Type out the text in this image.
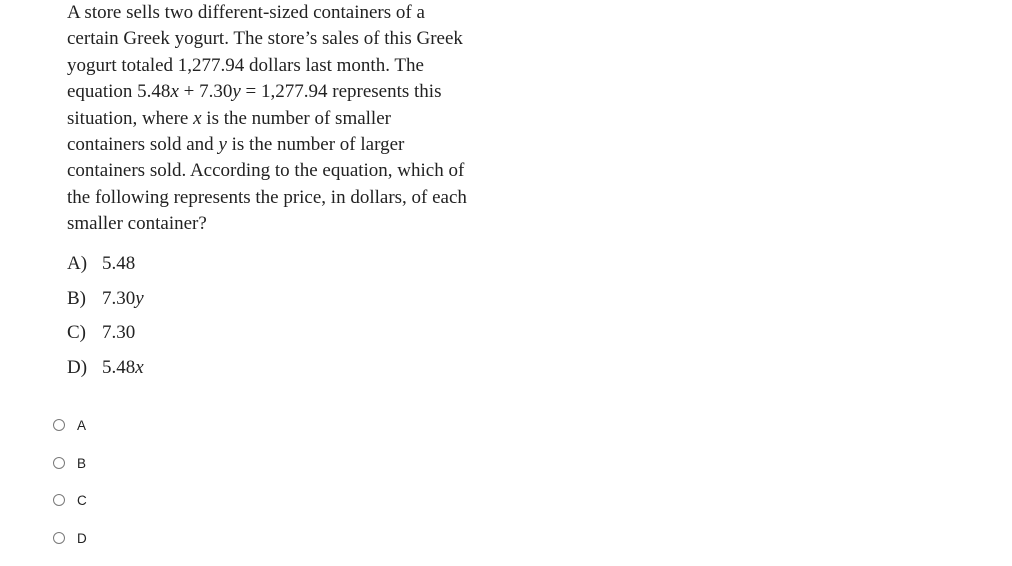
A store sells two different-sized containers of a
certain Greek yogurt. The store’s sales of this Greek
yogurt totaled 1,277.94 dollars last month. The
equation 5.48x + 7.30y = 1,277.94 represents this
situation, where x is the number of smaller
containers sold and y is the number of larger
containers sold. According to the equation, which of
the following represents the price, in dollars, of each
smaller container?
A) 5.48
B) 7.30y
C) 7.30
D) 5.48x
A
B
C
D
